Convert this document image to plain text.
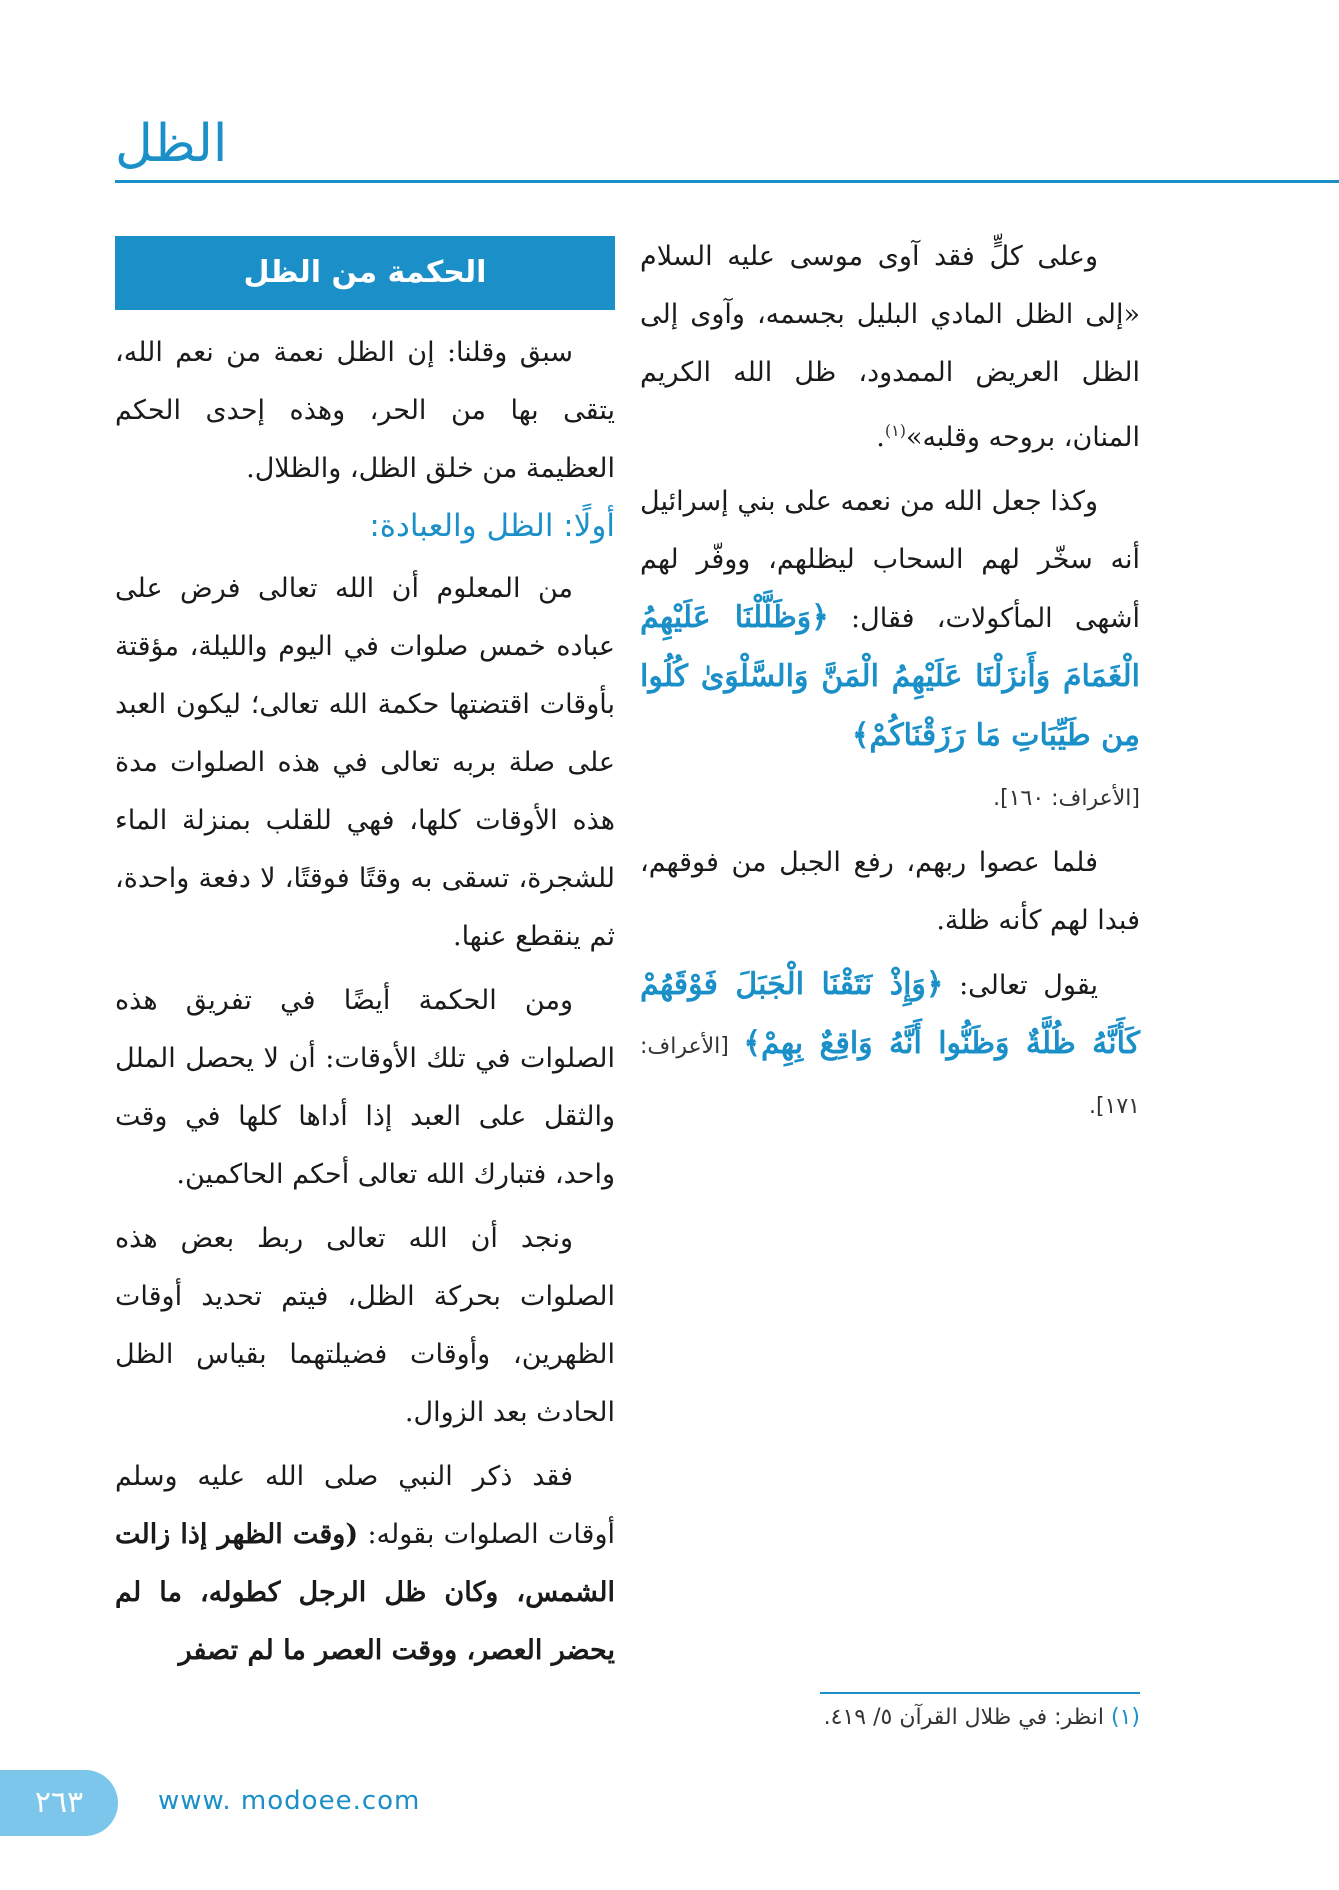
الظل

وعلى كلٍّ فقد آوى موسى عليه السلام «إلى الظل المادي البليل بجسمه، وآوى إلى الظل العريض الممدود، ظل الله الكريم المنان، بروحه وقلبه»$^{(١)}$.

وكذا جعل الله من نعمه على بني إسرائيل أنه سخّر لهم السحاب ليظلهم، ووفّر لهم أشهى المأكولات، فقال: ﴿وَظَلَّلْنَا عَلَيْهِمُ الْغَمَامَ وَأَنزَلْنَا عَلَيْهِمُ الْمَنَّ وَالسَّلْوَىٰ كُلُوا مِن طَيِّبَاتِ مَا رَزَقْنَاكُمْ﴾

[الأعراف: ١٦٠].

فلما عصوا ربهم، رفع الجبل من فوقهم، فبدا لهم كأنه ظلة.

يقول تعالى: ﴿وَإِذْ نَتَقْنَا الْجَبَلَ فَوْقَهُمْ كَأَنَّهُ ظُلَّةٌ وَظَنُّوا أَنَّهُ وَاقِعٌ بِهِمْ﴾ [الأعراف: ١٧١].

الحكمة من الظل

سبق وقلنا: إن الظل نعمة من نعم الله، يتقى بها من الحر، وهذه إحدى الحكم العظيمة من خلق الظل، والظلال.

أولًا: الظل والعبادة:

من المعلوم أن الله تعالى فرض على عباده خمس صلوات في اليوم والليلة، مؤقتة بأوقات اقتضتها حكمة الله تعالى؛ ليكون العبد على صلة بربه تعالى في هذه الصلوات مدة هذه الأوقات كلها، فهي للقلب بمنزلة الماء للشجرة، تسقى به وقتًا فوقتًا، لا دفعة واحدة، ثم ينقطع عنها.

ومن الحكمة أيضًا في تفريق هذه الصلوات في تلك الأوقات: أن لا يحصل الملل والثقل على العبد إذا أداها كلها في وقت واحد، فتبارك الله تعالى أحكم الحاكمين.

ونجد أن الله تعالى ربط بعض هذه الصلوات بحركة الظل، فيتم تحديد أوقات الظهرين، وأوقات فضيلتهما بقياس الظل الحادث بعد الزوال.

فقد ذكر النبي صلى الله عليه وسلم أوقات الصلوات بقوله: (وقت الظهر إذا زالت الشمس، وكان ظل الرجل كطوله، ما لم يحضر العصر، ووقت العصر ما لم تصفر

(١) انظر: في ظلال القرآن ٥/ ٤١٩.
٢٦٣	www. modoee.com
